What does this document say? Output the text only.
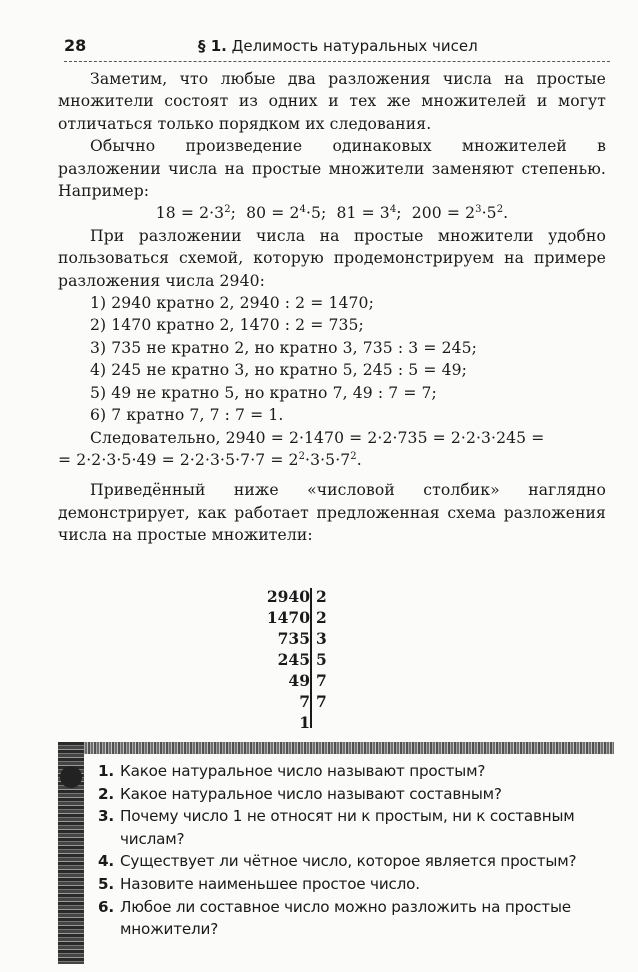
28	§ 1. Делимость натуральных чисел

Заметим, что любые два разложения числа на простые множители состоят из одних и тех же множителей и могут отличаться только порядком их следования.

Обычно произведение одинаковых множителей в разложении числа на простые множители заменяют степенью. Например:

$18 = 2\cdot 3^2$;  $80 = 2^4\cdot 5$;  $81 = 3^4$;  $200 = 2^3\cdot 5^2$.

При разложении числа на простые множители удобно пользоваться схемой, которую продемонстрируем на примере разложения числа 2940:

1) 2940 кратно 2, 2940 : 2 = 1470;
2) 1470 кратно 2, 1470 : 2 = 735;
3) 735 не кратно 2, но кратно 3, 735 : 3 = 245;
4) 245 не кратно 3, но кратно 5, 245 : 5 = 49;
5) 49 не кратно 5, но кратно 7, 49 : 7 = 7;
6) 7 кратно 7, 7 : 7 = 1.

Следовательно, 2940 = 2·1470 = 2·2·735 = 2·2·3·245 =

= $2\cdot 2\cdot 3\cdot 5\cdot 49 = 2\cdot 2\cdot 3\cdot 5\cdot 7\cdot 7 = 2^2\cdot 3\cdot 5\cdot 7^2$.

Приведённый ниже «числовой столбик» наглядно демонстрирует, как работает предложенная схема разложения числа на простые множители:

2940
1470
735
245
49
7
1
2
2
3
5
7
7
1. Какое натуральное число называют простым?
2. Какое натуральное число называют составным?
3. Почему число 1 не относят ни к простым, ни к составным числам?
4. Существует ли чётное число, которое является простым?
5. Назовите наименьшее простое число.
6. Любое ли составное число можно разложить на простые множители?
